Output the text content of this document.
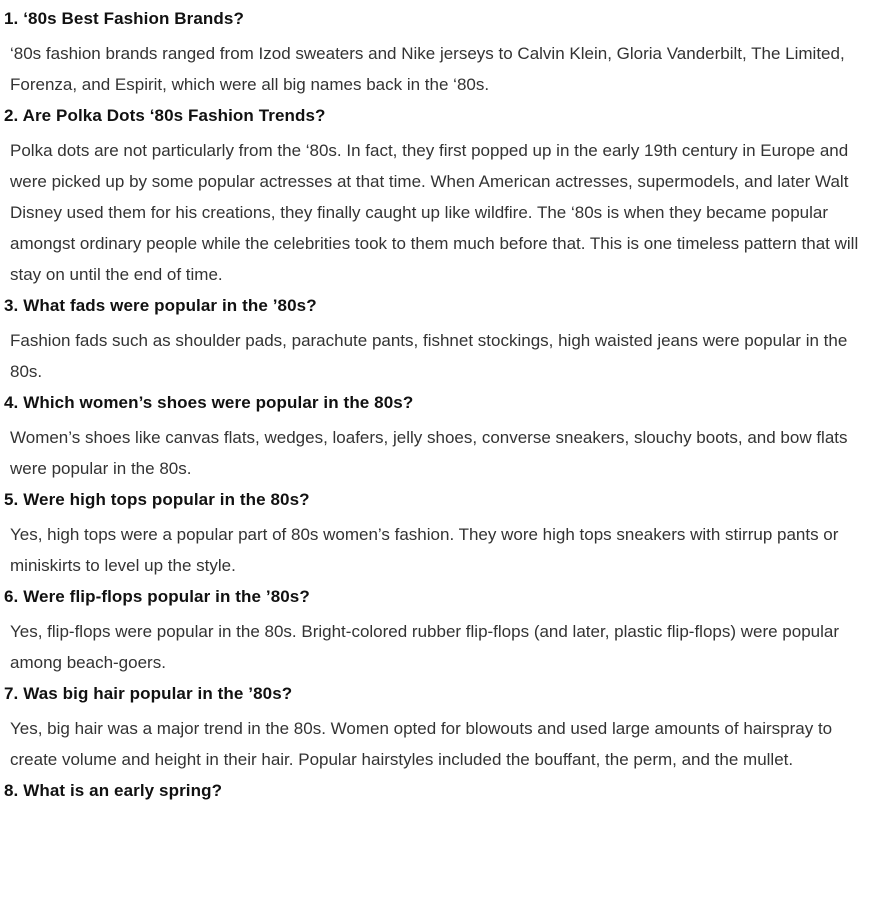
1. ‘80s Best Fashion Brands?
‘80s fashion brands ranged from Izod sweaters and Nike jerseys to Calvin Klein, Gloria Vanderbilt, The Limited, Forenza, and Espirit, which were all big names back in the ‘80s.
2. Are Polka Dots ‘80s Fashion Trends?
Polka dots are not particularly from the ‘80s. In fact, they first popped up in the early 19th century in Europe and were picked up by some popular actresses at that time. When American actresses, supermodels, and later Walt Disney used them for his creations, they finally caught up like wildfire. The ‘80s is when they became popular amongst ordinary people while the celebrities took to them much before that. This is one timeless pattern that will stay on until the end of time.
3. What fads were popular in the ’80s?
Fashion fads such as shoulder pads, parachute pants, fishnet stockings, high waisted jeans were popular in the 80s.
4. Which women’s shoes were popular in the 80s?
Women’s shoes like canvas flats, wedges, loafers, jelly shoes, converse sneakers, slouchy boots, and bow flats were popular in the 80s.
5. Were high tops popular in the 80s?
Yes, high tops were a popular part of 80s women’s fashion. They wore high tops sneakers with stirrup pants or miniskirts to level up the style.
6. Were flip-flops popular in the ’80s?
Yes, flip-flops were popular in the 80s. Bright-colored rubber flip-flops (and later, plastic flip-flops) were popular among beach-goers.
7. Was big hair popular in the ’80s?
Yes, big hair was a major trend in the 80s. Women opted for blowouts and used large amounts of hairspray to create volume and height in their hair. Popular hairstyles included the bouffant, the perm, and the mullet.
8. What is an early spring?
